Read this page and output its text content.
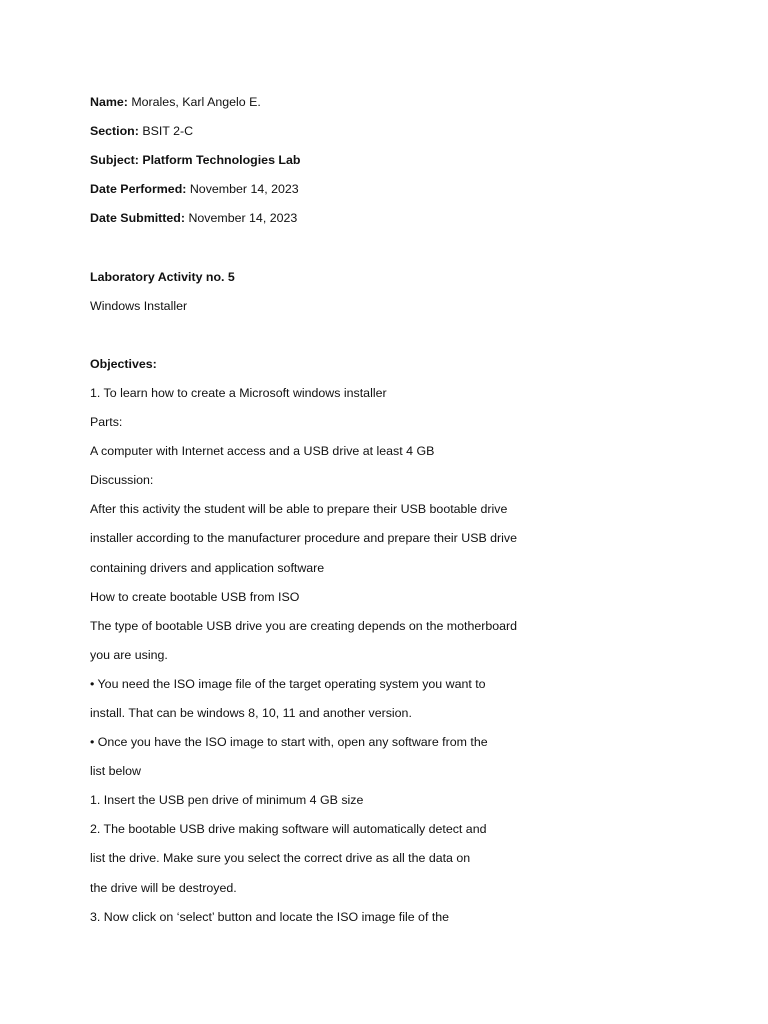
Name: Morales, Karl Angelo E.
Section: BSIT 2-C
Subject: Platform Technologies Lab
Date Performed: November 14, 2023
Date Submitted: November 14, 2023
Laboratory Activity no. 5
Windows Installer
Objectives:
1. To learn how to create a Microsoft windows installer
Parts:
A computer with Internet access and a USB drive at least 4 GB
Discussion:
After this activity the student will be able to prepare their USB bootable drive
installer according to the manufacturer procedure and prepare their USB drive
containing drivers and application software
How to create bootable USB from ISO
The type of bootable USB drive you are creating depends on the motherboard
you are using.
• You need the ISO image file of the target operating system you want to
install. That can be windows 8, 10, 11 and another version.
• Once you have the ISO image to start with, open any software from the
list below
1. Insert the USB pen drive of minimum 4 GB size
2. The bootable USB drive making software will automatically detect and
list the drive. Make sure you select the correct drive as all the data on
the drive will be destroyed.
3. Now click on ‘select’ button and locate the ISO image file of the
